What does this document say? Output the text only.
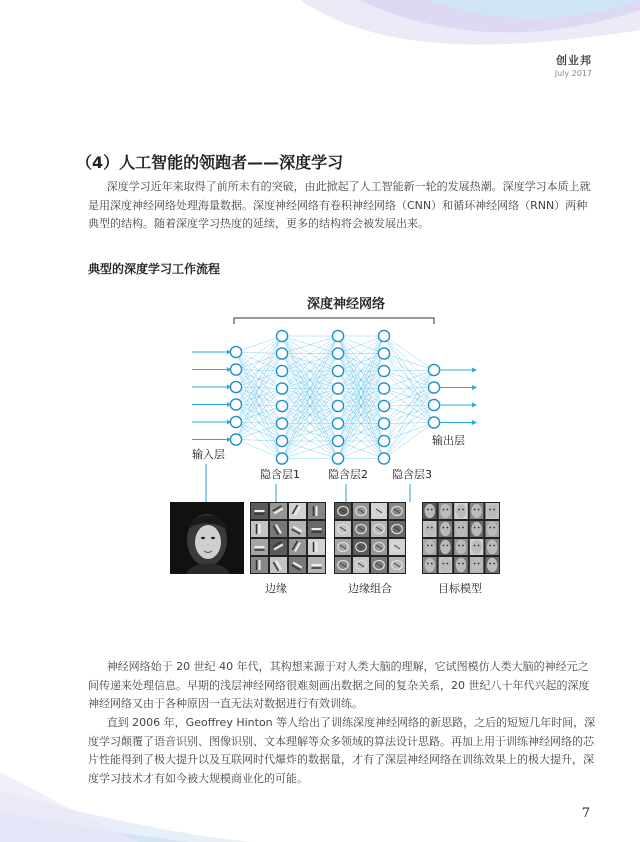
创业邦
July 2017
（4）人工智能的领跑者——深度学习

深度学习近年来取得了前所未有的突破，由此掀起了人工智能新一轮的发展热潮。深度学习本质上就是用深度神经网络处理海量数据。深度神经网络有卷积神经网络（CNN）和循环神经网络（RNN）两种典型的结构。随着深度学习热度的延续，更多的结构将会被发展出来。

典型的深度学习工作流程
深度神经网络
输入层
隐含层1	隐含层2 隐含层3
输出层
边缘	边缘组合	目标模型

神经网络始于 20 世纪 40 年代，其构想来源于对人类大脑的理解，它试图模仿人类大脑的神经元之间传递来处理信息。早期的浅层神经网络很难刻画出数据之间的复杂关系，20 世纪八十年代兴起的深度神经网络又由于各种原因一直无法对数据进行有效训练。

直到 2006 年，Geoffrey Hinton 等人给出了训练深度神经网络的新思路，之后的短短几年时间，深度学习颠覆了语音识别、图像识别、文本理解等众多领域的算法设计思路。再加上用于训练神经网络的芯片性能得到了极大提升以及互联网时代爆炸的数据量，才有了深层神经网络在训练效果上的极大提升，深度学习技术才有如今被大规模商业化的可能。

7
